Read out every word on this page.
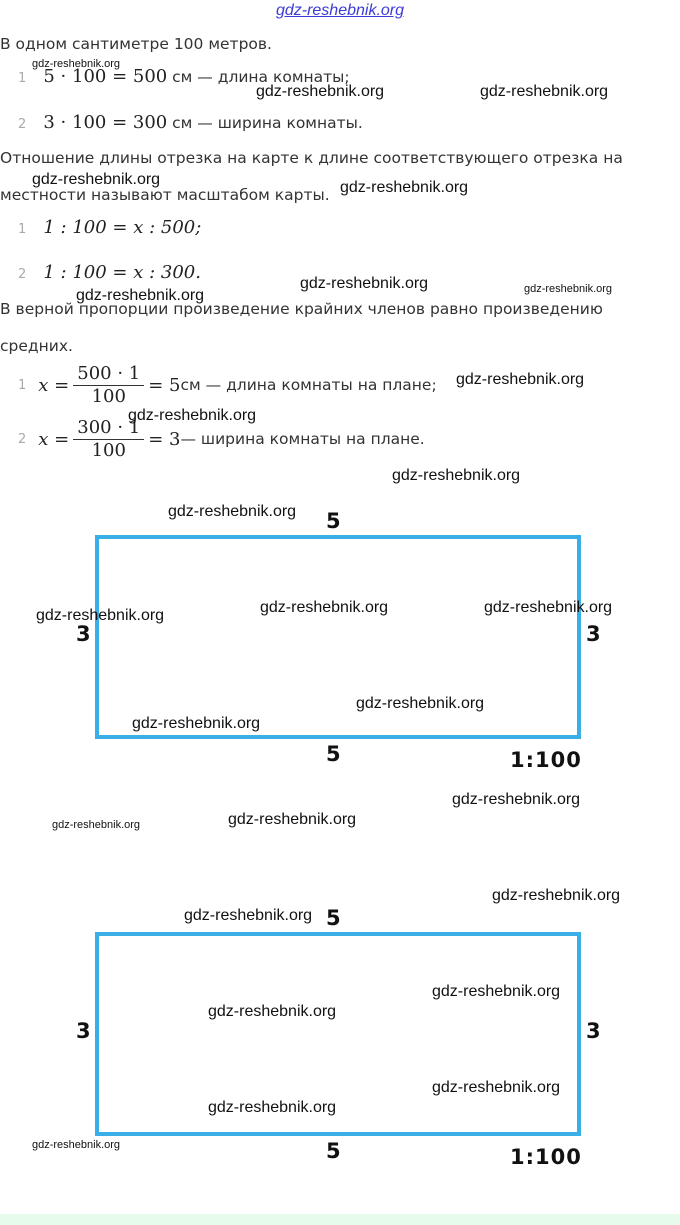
gdz-reshebnik.org
В одном сантиметре 100 метров.
1 5 · 100 = 500 см — длина комнаты;
2 3 · 100 = 300 см — ширина комнаты.
Отношение длины отрезка на карте к длине соответствующего отрезка на
местности называют масштабом карты.
1 1 : 100 = x : 500;
2 1 : 100 = x : 300.
В верной пропорции произведение крайних членов равно произведению
средних.
1 $x = \frac{500 \cdot 1}{100} = 5$ см — длина комнаты на плане;
2 $x = \frac{300 \cdot 1}{100} = 3$ — ширина комнаты на плане.
5
5
3	3
1:100
5
5
3	3
1:100
gdz-reshebnik.org
gdz-reshebnik.org	gdz-reshebnik.org
gdz-reshebnik.org	gdz-reshebnik.org
gdz-reshebnik.org	gdz-reshebnik.org
gdz-reshebnik.org
gdz-reshebnik.org
gdz-reshebnik.org
gdz-reshebnik.org
gdz-reshebnik.org
gdz-reshebnik.org	gdz-reshebnik.org	gdz-reshebnik.org
gdz-reshebnik.org
gdz-reshebnik.org
gdz-reshebnik.org
gdz-reshebnik.org	gdz-reshebnik.org
gdz-reshebnik.org
gdz-reshebnik.org
gdz-reshebnik.org
gdz-reshebnik.org
gdz-reshebnik.org
gdz-reshebnik.org
gdz-reshebnik.org
